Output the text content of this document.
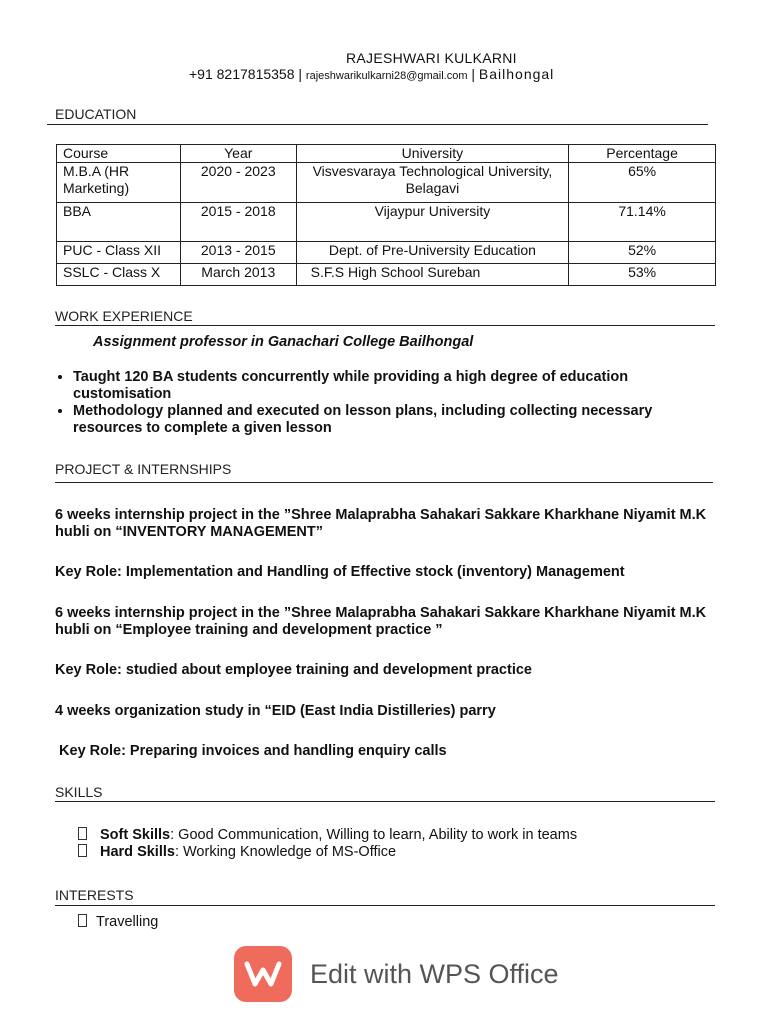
RAJESHWARI KULKARNI
+91 8217815358 | rajeshwarikulkarni28@gmail.com | Bailhongal
EDUCATION
Course	Year	University	Percentage
M.B.A (HR Marketing)	2020 - 2023	Visvesvaraya Technological University, Belagavi	65%
BBA	2015 - 2018	Vijaypur University	71.14%
PUC - Class XII	2013 - 2015	Dept. of Pre-University Education	52%
SSLC - Class X	March 2013	S.F.S High School Sureban	53%
WORK EXPERIENCE
Assignment professor in Ganachari College Bailhongal
• Taught 120 BA students concurrently while providing a high degree of education customisation
• Methodology planned and executed on lesson plans, including collecting necessary resources to complete a given lesson
PROJECT & INTERNSHIPS
6 weeks internship project in the ”Shree Malaprabha Sahakari Sakkare Kharkhane Niyamit M.K hubli on “INVENTORY MANAGEMENT”
Key Role: Implementation and Handling of Effective stock (inventory) Management
6 weeks internship project in the ”Shree Malaprabha Sahakari Sakkare Kharkhane Niyamit M.K hubli on “Employee training and development practice ”
Key Role: studied about employee training and development practice
4 weeks organization study in “EID (East India Distilleries) parry
Key Role: Preparing invoices and handling enquiry calls
SKILLS
Soft Skills: Good Communication, Willing to learn, Ability to work in teams
Hard Skills: Working Knowledge of MS-Office
INTERESTS
Travelling
Edit with WPS Office
